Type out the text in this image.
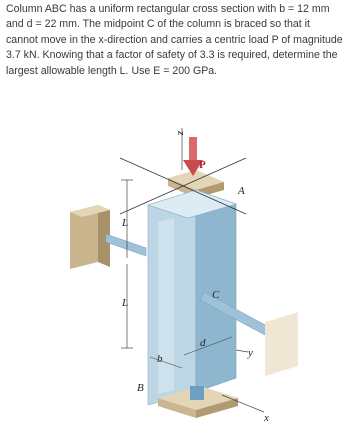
Column ABC has a uniform rectangular cross section with b = 12 mm and d = 22 mm. The midpoint C of the column is braced so that it cannot move in the x-direction and carries a centric load P of magnitude 3.7 kN. Knowing that a factor of safety of 3.3 is required, determine the largest allowable length L. Use E = 200 GPa.

z
P
A
L
L
C
d
b	y
B
x
